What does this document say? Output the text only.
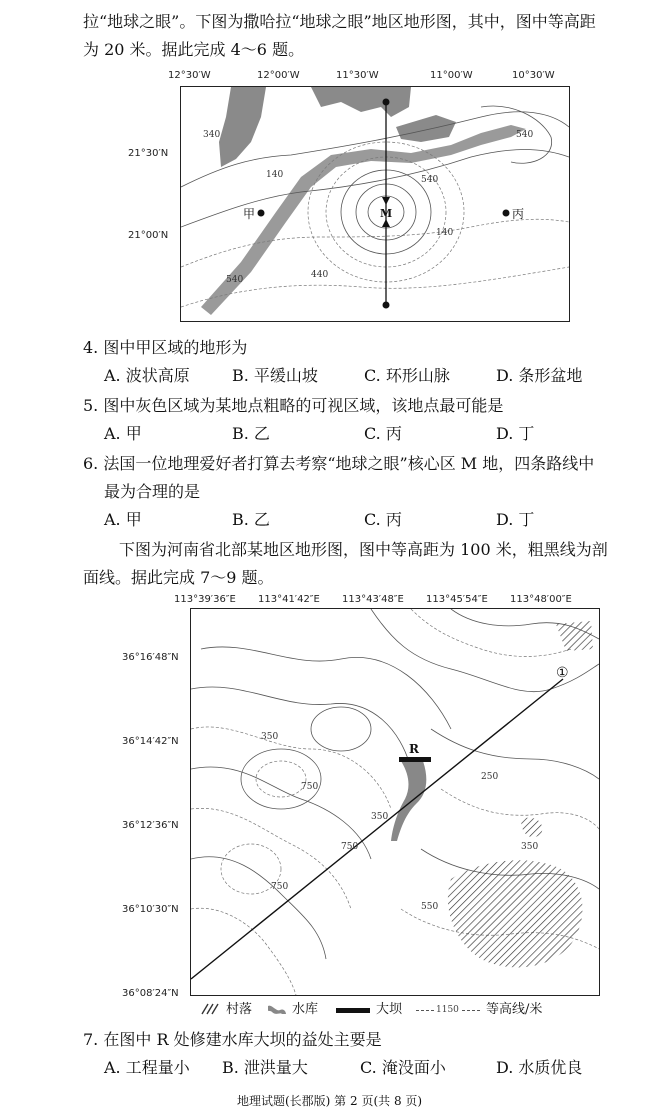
拉“地球之眼”。下图为撒哈拉“地球之眼”地区地形图，其中，图中等高距
为 20 米。据此完成 4～6 题。
12°30′W	12°00′W	11°30′W	11°00′W	10°30′W
21°30′N
21°00′N
甲	丙
M
340
540
140
540
140
540	440
4. 图中甲区域的地形为
A. 波状高原	B. 平缓山坡	C. 环形山脉	D. 条形盆地
5. 图中灰色区域为某地点粗略的可视区域，该地点最可能是
A. 甲	B. 乙	C. 丙	D. 丁
6. 法国一位地理爱好者打算去考察“地球之眼”核心区 M 地，四条路线中
最为合理的是
A. 甲	B. 乙	C. 丙	D. 丁
下图为河南省北部某地区地形图，图中等高距为 100 米，粗黑线为剖
面线。据此完成 7～9 题。
113°39′36″E 113°41′42″E 113°43′48″E 113°45′54″E 113°48′00″E
36°16′48″N
36°14′42″N
36°12′36″N
36°10′30″N
36°08′24″N
R
①
350
750
350
750
250
350
750
550
村落	水库	大坝	1150 等高线/米
7. 在图中 R 处修建水库大坝的益处主要是
A. 工程量小 B. 泄洪量大	C. 淹没面小	D. 水质优良
地理试题(长郡版) 第 2 页(共 8 页)
